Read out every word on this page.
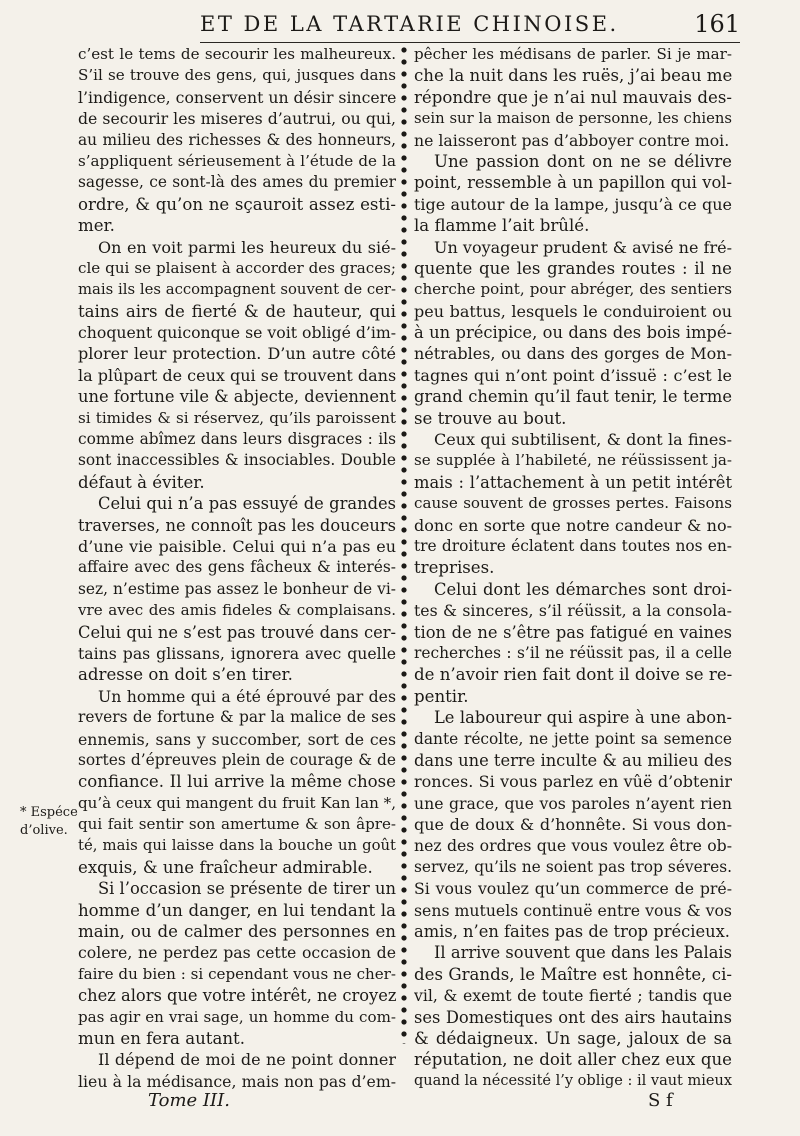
ET DE LA TARTARIE CHINOISE.	161
c’est le tems de secourir les malheureux.
S’il se trouve des gens, qui, jusques dans
l’indigence, conservent un désir sincere
de secourir les miseres d’autrui, ou qui,
au milieu des richesses & des honneurs,
s’appliquent sérieusement à l’étude de la
sagesse, ce sont-là des ames du premier
ordre, & qu’on ne sçauroit assez esti-
mer.
On en voit parmi les heureux du sié-
cle qui se plaisent à accorder des graces;
mais ils les accompagnent souvent de cer-
tains airs de fierté & de hauteur, qui
choquent quiconque se voit obligé d’im-
plorer leur protection. D’un autre côté
la plûpart de ceux qui se trouvent dans
une fortune vile & abjecte, deviennent
si timides & si réservez, qu’ils paroissent
comme abîmez dans leurs disgraces : ils
sont inaccessibles & insociables. Double
défaut à éviter.
Celui qui n’a pas essuyé de grandes
traverses, ne connoît pas les douceurs
d’une vie paisible. Celui qui n’a pas eu
affaire avec des gens fâcheux & interés-
sez, n’estime pas assez le bonheur de vi-
vre avec des amis fideles & complaisans.
Celui qui ne s’est pas trouvé dans cer-
tains pas glissans, ignorera avec quelle
adresse on doit s’en tirer.
Un homme qui a été éprouvé par des
revers de fortune & par la malice de ses
ennemis, sans y succomber, sort de ces
sortes d’épreuves plein de courage & de
confiance. Il lui arrive la même chose
qu’à ceux qui mangent du fruit Kan lan *,
qui fait sentir son amertume & son âpre-
té, mais qui laisse dans la bouche un goût
exquis, & une fraîcheur admirable.
Si l’occasion se présente de tirer un
homme d’un danger, en lui tendant la
main, ou de calmer des personnes en
colere, ne perdez pas cette occasion de
faire du bien : si cependant vous ne cher-
chez alors que votre intérêt, ne croyez
pas agir en vrai sage, un homme du com-
mun en fera autant.
Il dépend de moi de ne point donner
lieu à la médisance, mais non pas d’em-
pêcher les médisans de parler. Si je mar-
che la nuit dans les ruës, j’ai beau me
répondre que je n’ai nul mauvais des-
sein sur la maison de personne, les chiens
ne laisseront pas d’abboyer contre moi.
Une passion dont on ne se délivre
point, ressemble à un papillon qui vol-
tige autour de la lampe, jusqu’à ce que
la flamme l’ait brûlé.
Un voyageur prudent & avisé ne fré-
quente que les grandes routes : il ne
cherche point, pour abréger, des sentiers
peu battus, lesquels le conduiroient ou
à un précipice, ou dans des bois impé-
nétrables, ou dans des gorges de Mon-
tagnes qui n’ont point d’issuë : c’est le
grand chemin qu’il faut tenir, le terme
se trouve au bout.
Ceux qui subtilisent, & dont la fines-
se supplée à l’habileté, ne réüssissent ja-
mais : l’attachement à un petit intérêt
cause souvent de grosses pertes. Faisons
donc en sorte que notre candeur & no-
tre droiture éclatent dans toutes nos en-
treprises.
Celui dont les démarches sont droi-
tes & sinceres, s’il réüssit, a la consola-
tion de ne s’être pas fatigué en vaines
recherches : s’il ne réüssit pas, il a celle
de n’avoir rien fait dont il doive se re-
pentir.
Le laboureur qui aspire à une abon-
dante récolte, ne jette point sa semence
dans une terre inculte & au milieu des
ronces. Si vous parlez en vûë d’obtenir
une grace, que vos paroles n’ayent rien
que de doux & d’honnête. Si vous don-
nez des ordres que vous voulez être ob-
servez, qu’ils ne soient pas trop séveres.
Si vous voulez qu’un commerce de pré-
sens mutuels continuë entre vous & vos
amis, n’en faites pas de trop précieux.
Il arrive souvent que dans les Palais
des Grands, le Maître est honnête, ci-
vil, & exemt de toute fierté ; tandis que
ses Domestiques ont des airs hautains
& dédaigneux. Un sage, jaloux de sa
réputation, ne doit aller chez eux que
quand la nécessité l’y oblige : il vaut mieux
* Espéce
d’olive.
Tome III.	S f
